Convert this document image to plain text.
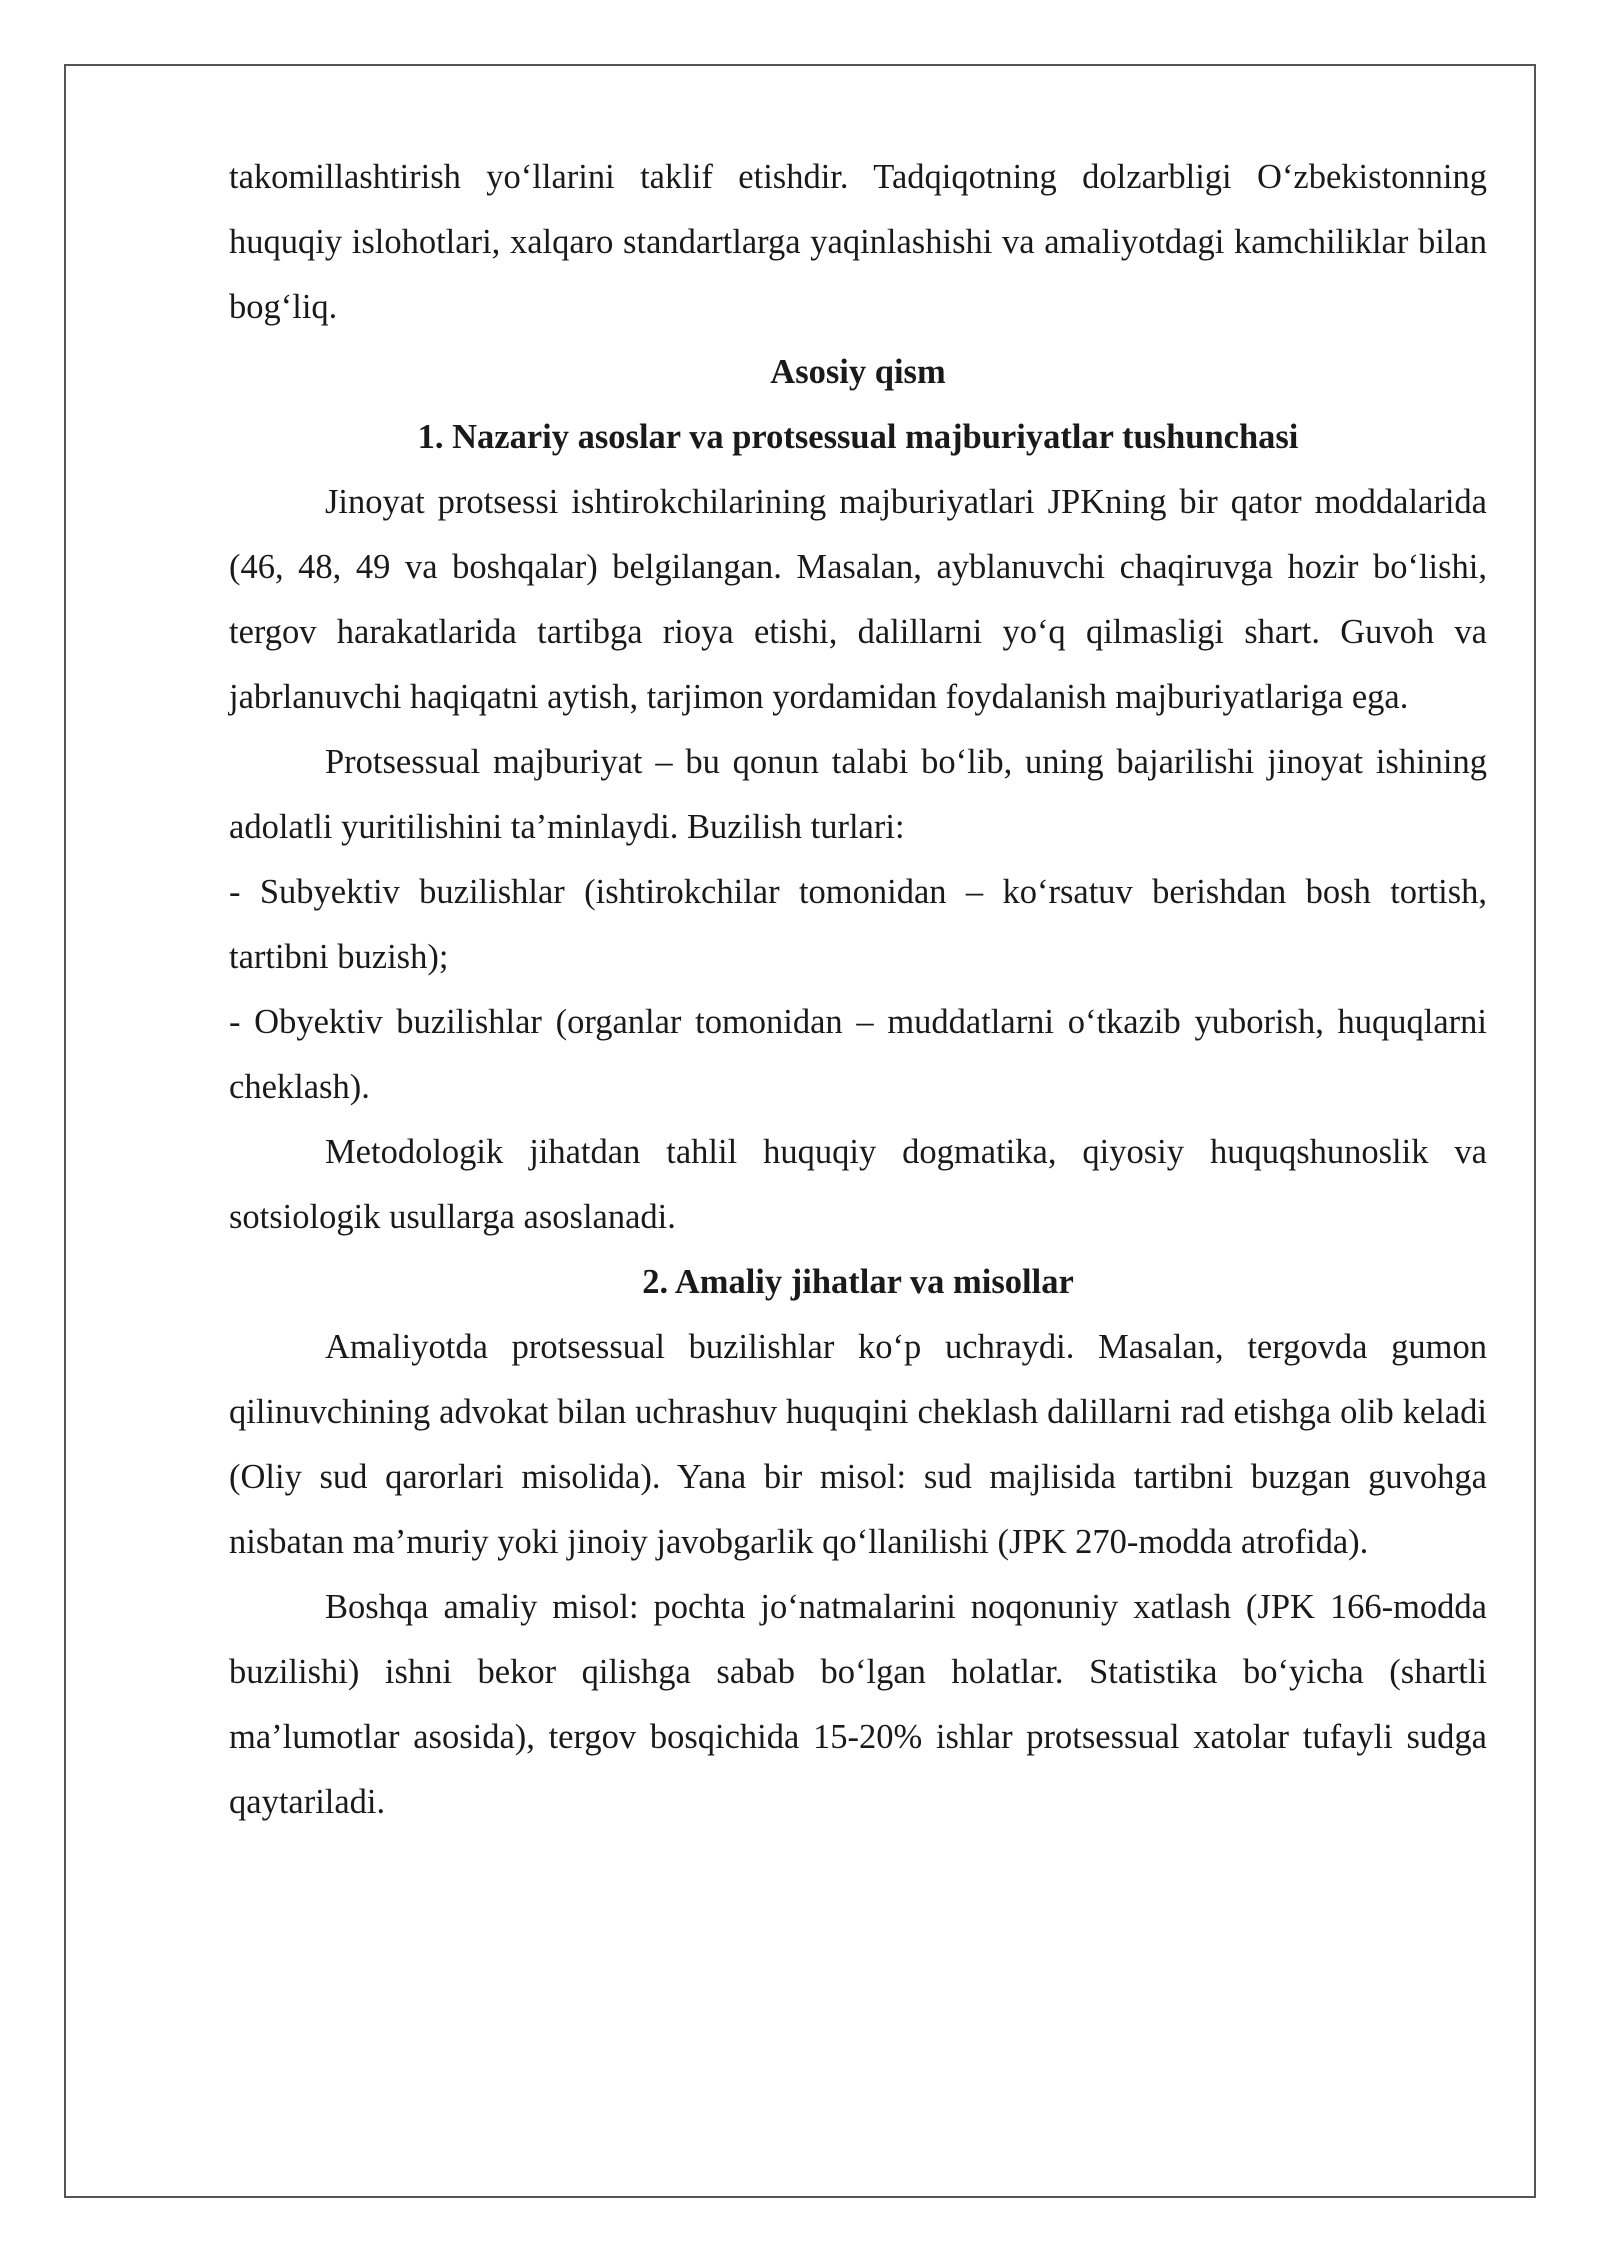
takomillashtirish yoʻllarini taklif etishdir. Tadqiqotning dolzarbligi Oʻzbekistonning huquqiy islohotlari, xalqaro standartlarga yaqinlashishi va amaliyotdagi kamchiliklar bilan bogʻliq.

Asosiy qism
1. Nazariy asoslar va protsessual majburiyatlar tushunchasi

Jinoyat protsessi ishtirokchilarining majburiyatlari JPKning bir qator moddalarida (46, 48, 49 va boshqalar) belgilangan. Masalan, ayblanuvchi chaqiruvga hozir boʻlishi, tergov harakatlarida tartibga rioya etishi, dalillarni yoʻq qilmasligi shart. Guvoh va jabrlanuvchi haqiqatni aytish, tarjimon yordamidan foydalanish majburiyatlariga ega.

Protsessual majburiyat – bu qonun talabi boʻlib, uning bajarilishi jinoyat ishining adolatli yuritilishini ta’minlaydi. Buzilish turlari:

- Subyektiv buzilishlar (ishtirokchilar tomonidan – koʻrsatuv berishdan bosh tortish, tartibni buzish);

- Obyektiv buzilishlar (organlar tomonidan – muddatlarni oʻtkazib yuborish, huquqlarni cheklash).

Metodologik jihatdan tahlil huquqiy dogmatika, qiyosiy huquqshunoslik va sotsiologik usullarga asoslanadi.

2. Amaliy jihatlar va misollar

Amaliyotda protsessual buzilishlar koʻp uchraydi. Masalan, tergovda gumon qilinuvchining advokat bilan uchrashuv huquqini cheklash dalillarni rad etishga olib keladi (Oliy sud qarorlari misolida). Yana bir misol: sud majlisida tartibni buzgan guvohga nisbatan ma’muriy yoki jinoiy javobgarlik qoʻllanilishi (JPK 270-modda atrofida).

Boshqa amaliy misol: pochta joʻnatmalarini noqonuniy xatlash (JPK 166-modda buzilishi) ishni bekor qilishga sabab boʻlgan holatlar. Statistika boʻyicha (shartli ma’lumotlar asosida), tergov bosqichida 15-20% ishlar protsessual xatolar tufayli sudga qaytariladi.
